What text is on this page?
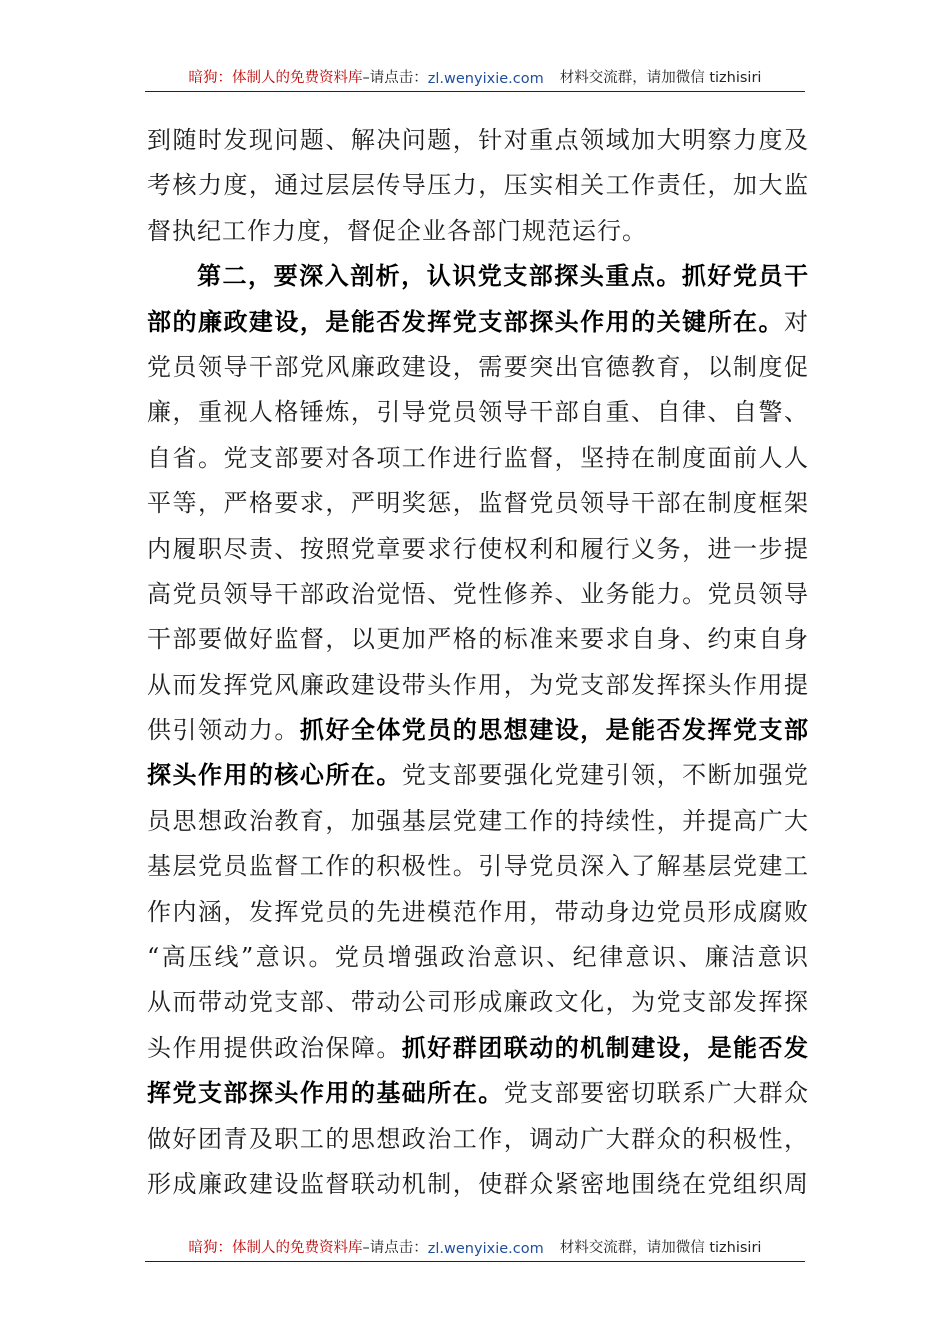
暗狗：体制人的免费资料库 –请点击： zl.wenyixie.com 材料交流群，请加微信 tizhisiri
到随时发现问题、解决问题，针对重点领域加大明察力度及
考核力度，通过层层传导压力，压实相关工作责任，加大监
督执纪工作力度，督促企业各部门规范运行。
第二，要深入剖析，认识党支部探头重点。抓好党员干
部的廉政建设，是能否发挥党支部探头作用的关键所在。对
党员领导干部党风廉政建设，需要突出官德教育，以制度促
廉，重视人格锤炼，引导党员领导干部自重、自律、自警、
自省。党支部要对各项工作进行监督，坚持在制度面前人人
平等，严格要求，严明奖惩，监督党员领导干部在制度框架
内履职尽责、按照党章要求行使权利和履行义务，进一步提
高党员领导干部政治觉悟、党性修养、业务能力。党员领导
干部要做好监督，以更加严格的标准来要求自身、约束自身
从而发挥党风廉政建设带头作用，为党支部发挥探头作用提
供引领动力。抓好全体党员的思想建设，是能否发挥党支部
探头作用的核心所在。党支部要强化党建引领，不断加强党
员思想政治教育，加强基层党建工作的持续性，并提高广大
基层党员监督工作的积极性。引导党员深入了解基层党建工
作内涵，发挥党员的先进模范作用，带动身边党员形成腐败
“高压线”意识。党员增强政治意识、纪律意识、廉洁意识
从而带动党支部、带动公司形成廉政文化，为党支部发挥探
头作用提供政治保障。抓好群团联动的机制建设，是能否发
挥党支部探头作用的基础所在。党支部要密切联系广大群众
做好团青及职工的思想政治工作，调动广大群众的积极性，
形成廉政建设监督联动机制，使群众紧密地围绕在党组织周
暗狗：体制人的免费资料库 –请点击： zl.wenyixie.com 材料交流群，请加微信 tizhisiri
